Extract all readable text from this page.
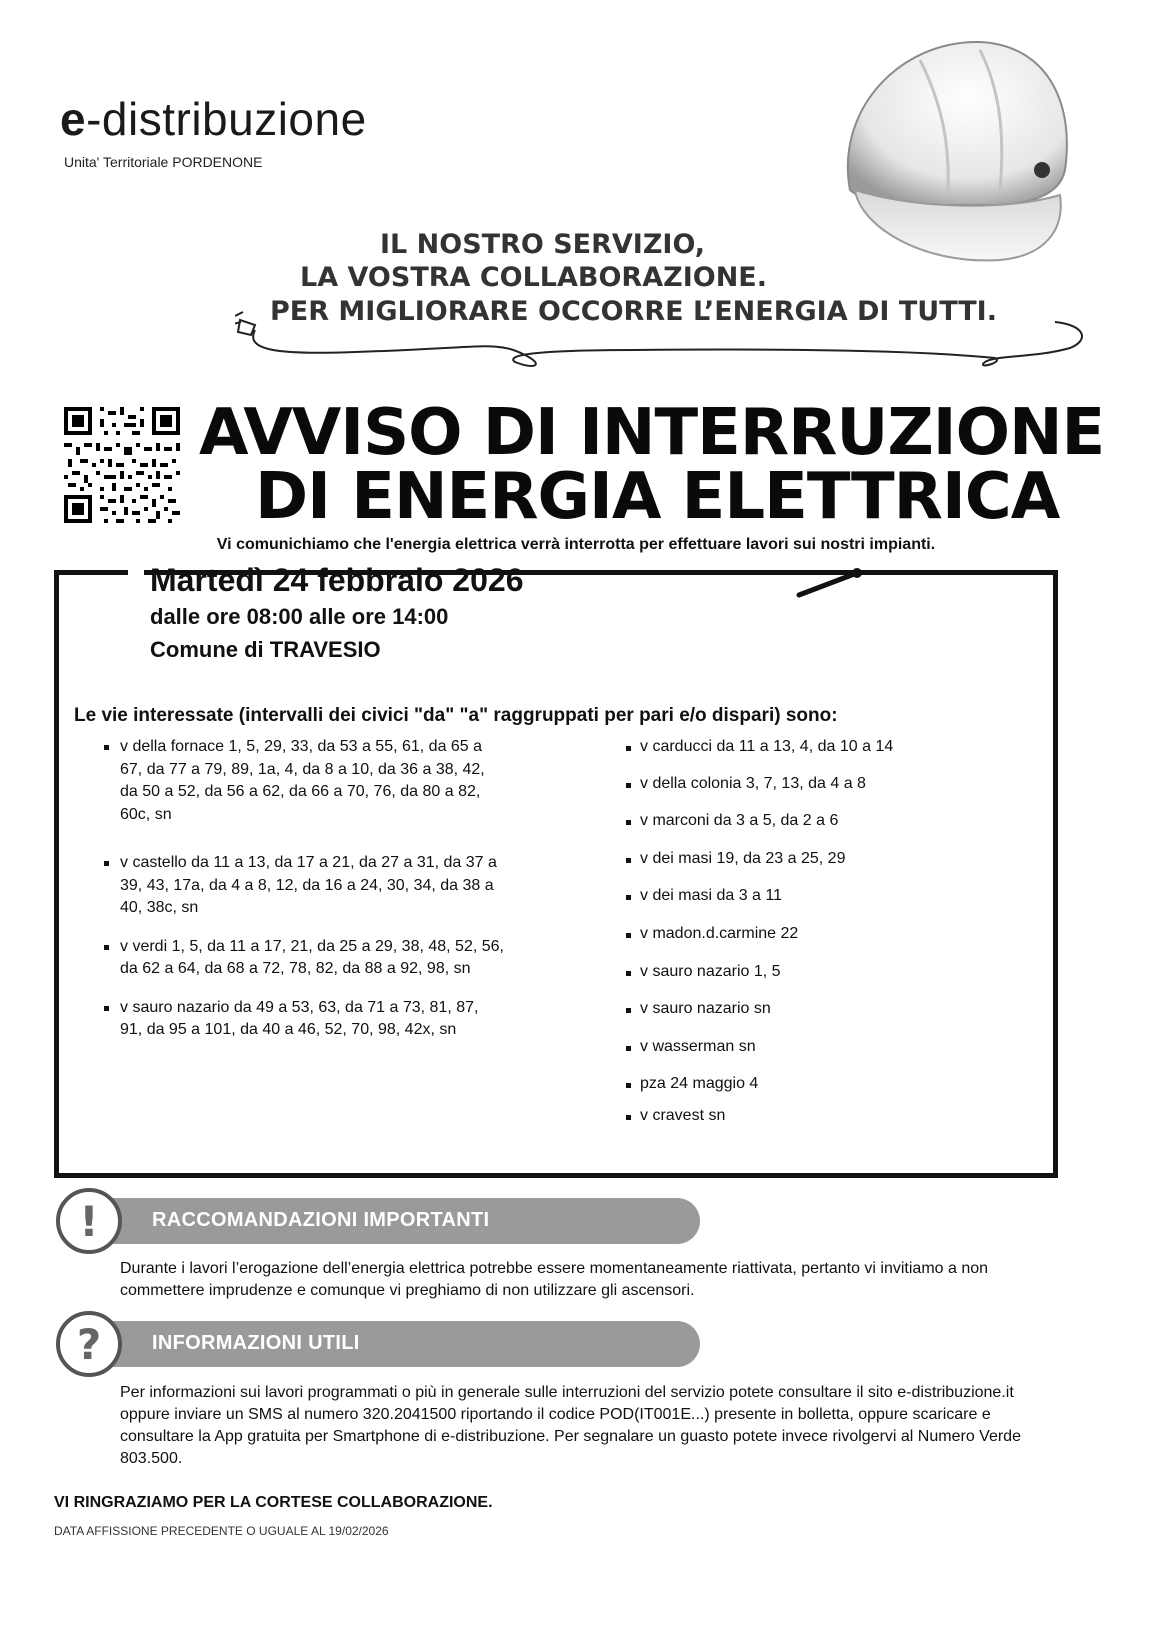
e-distribuzione
Unita' Territoriale PORDENONE
IL NOSTRO SERVIZIO,
LA VOSTRA COLLABORAZIONE.
PER MIGLIORARE OCCORRE L’ENERGIA DI TUTTI.
AVVISO DI INTERRUZIONE
DI ENERGIA ELETTRICA
Vi comunichiamo che l'energia elettrica verrà interrotta per effettuare lavori sui nostri impianti.
Martedì 24 febbraio 2026
dalle ore 08:00 alle ore 14:00
Comune di TRAVESIO
Le vie interessate (intervalli dei civici "da" "a" raggruppati per pari e/o dispari) sono:
v della fornace 1, 5, 29, 33, da 53 a 55, 61, da 65 a 67, da 77 a 79, 89, 1a, 4, da 8 a 10, da 36 a 38, 42, da 50 a 52, da 56 a 62, da 66 a 70, 76, da 80 a 82, 60c, sn
v castello da 11 a 13, da 17 a 21, da 27 a 31, da 37 a 39, 43, 17a, da 4 a 8, 12, da 16 a 24, 30, 34, da 38 a 40, 38c, sn
v verdi 1, 5, da 11 a 17, 21, da 25 a 29, 38, 48, 52, 56, da 62 a 64, da 68 a 72, 78, 82, da 88 a 92, 98, sn
v sauro nazario da 49 a 53, 63, da 71 a 73, 81, 87, 91, da 95 a 101, da 40 a 46, 52, 70, 98, 42x, sn
v carducci da 11 a 13, 4, da 10 a 14
v della colonia 3, 7, 13, da 4 a 8
v marconi da 3 a 5, da 2 a 6
v dei masi 19, da 23 a 25, 29
v dei masi da 3 a 11
v madon.d.carmine 22
v sauro nazario 1, 5
v sauro nazario sn
v wasserman sn
pza 24 maggio 4
v cravest sn
!	RACCOMANDAZIONI IMPORTANTI
Durante i lavori l’erogazione dell’energia elettrica potrebbe essere momentaneamente riattivata, pertanto vi invitiamo a non commettere imprudenze e comunque vi preghiamo di non utilizzare gli ascensori.
?	INFORMAZIONI UTILI
Per informazioni sui lavori programmati o più in generale sulle interruzioni del servizio potete consultare il sito e-distribuzione.it oppure inviare un SMS al numero 320.2041500 riportando il codice POD(IT001E...) presente in bolletta, oppure scaricare e consultare la App gratuita per Smartphone di e-distribuzione. Per segnalare un guasto potete invece rivolgervi al Numero Verde 803.500.
VI RINGRAZIAMO PER LA CORTESE COLLABORAZIONE.
DATA AFFISSIONE PRECEDENTE O UGUALE AL 19/02/2026
